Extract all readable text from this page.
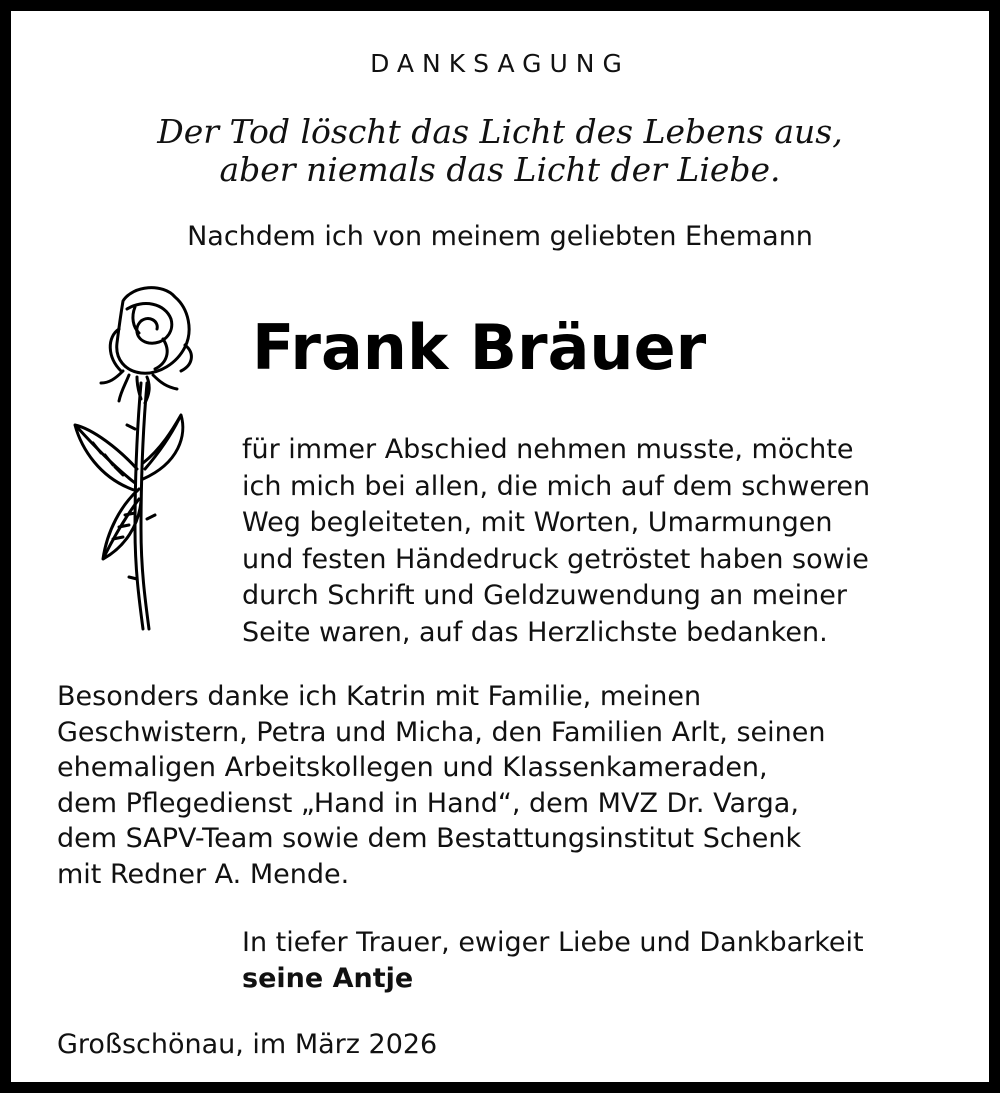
DANKSAGUNG
Der Tod löscht das Licht des Lebens aus,
aber niemals das Licht der Liebe.
Nachdem ich von meinem geliebten Ehemann
Frank Bräuer
für immer Abschied nehmen musste, möchte
ich mich bei allen, die mich auf dem schweren
Weg begleiteten, mit Worten, Umarmungen
und festen Händedruck getröstet haben sowie
durch Schrift und Geldzuwendung an meiner
Seite waren, auf das Herzlichste bedanken.
Besonders danke ich Katrin mit Familie, meinen
Geschwistern, Petra und Micha, den Familien Arlt, seinen
ehemaligen Arbeitskollegen und Klassenkameraden,
dem Pflegedienst „Hand in Hand“, dem MVZ Dr. Varga,
dem SAPV-Team sowie dem Bestattungsinstitut Schenk
mit Redner A. Mende.
In tiefer Trauer, ewiger Liebe und Dankbarkeit
seine Antje
Großschönau, im März 2026
